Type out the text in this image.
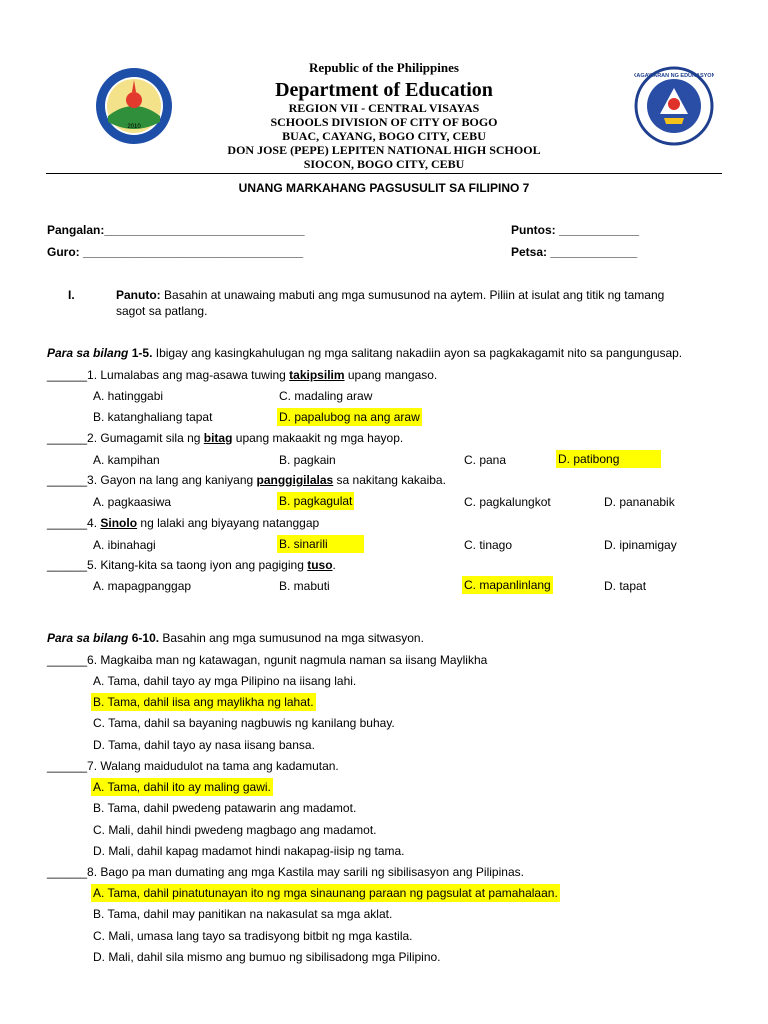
2010
KAGAWARAN NG EDUKASYON
Republic of the Philippines
Department of Education
REGION VII - CENTRAL VISAYAS
SCHOOLS DIVISION OF CITY OF BOGO
BUAC, CAYANG, BOGO CITY, CEBU
DON JOSE (PEPE) LEPITEN NATIONAL HIGH SCHOOL
SIOCON, BOGO CITY, CEBU
UNANG MARKAHANG PAGSUSULIT SA FILIPINO 7
Pangalan:______________________________
Guro: _________________________________
Puntos: ____________
Petsa: _____________
I.	Panuto: Basahin at unawaing mabuti ang mga sumusunod na aytem. Piliin at isulat ang titik ng tamang
sagot sa patlang.
Para sa bilang 1-5. Ibigay ang kasingkahulugan ng mga salitang nakadiin ayon sa pagkakagamit nito sa pangungusap.
______1. Lumalabas ang mag-asawa tuwing takipsilim upang mangaso.
A. hatinggabi	C. madaling araw
B. katanghaliang tapat	D. papalubog na ang araw
______2. Gumagamit sila ng bitag upang makaakit ng mga hayop.
A. kampihan	B. pagkain	C. pana	D. patibong
______3. Gayon na lang ang kaniyang panggigilalas sa nakitang kakaiba.
A. pagkaasiwa	B. pagkagulat	C. pagkalungkot	D. pananabik
______4. Sinolo ng lalaki ang biyayang natanggap
A. ibinahagi	B. sinarili	C. tinago	D. ipinamigay
______5. Kitang-kita sa taong iyon ang pagiging tuso.
A. mapagpanggap	B. mabuti	C. mapanlinlang	D. tapat
Para sa bilang 6-10. Basahin ang mga sumusunod na mga sitwasyon.
______6. Magkaiba man ng katawagan, ngunit nagmula naman sa iisang Maylikha
A. Tama, dahil tayo ay mga Pilipino na iisang lahi.
B. Tama, dahil iisa ang maylikha ng lahat.
C. Tama, dahil sa bayaning nagbuwis ng kanilang buhay.
D. Tama, dahil tayo ay nasa iisang bansa.
______7. Walang maidudulot na tama ang kadamutan.
A. Tama, dahil ito ay maling gawi.
B. Tama, dahil pwedeng patawarin ang madamot.
C. Mali, dahil hindi pwedeng magbago ang madamot.
D. Mali, dahil kapag madamot hindi nakapag-iisip ng tama.
______8. Bago pa man dumating ang mga Kastila may sarili ng sibilisasyon ang Pilipinas.
A. Tama, dahil pinatutunayan ito ng mga sinaunang paraan ng pagsulat at pamahalaan.
B. Tama, dahil may panitikan na nakasulat sa mga aklat.
C. Mali, umasa lang tayo sa tradisyong bitbit ng mga kastila.
D. Mali, dahil sila mismo ang bumuo ng sibilisadong mga Pilipino.
